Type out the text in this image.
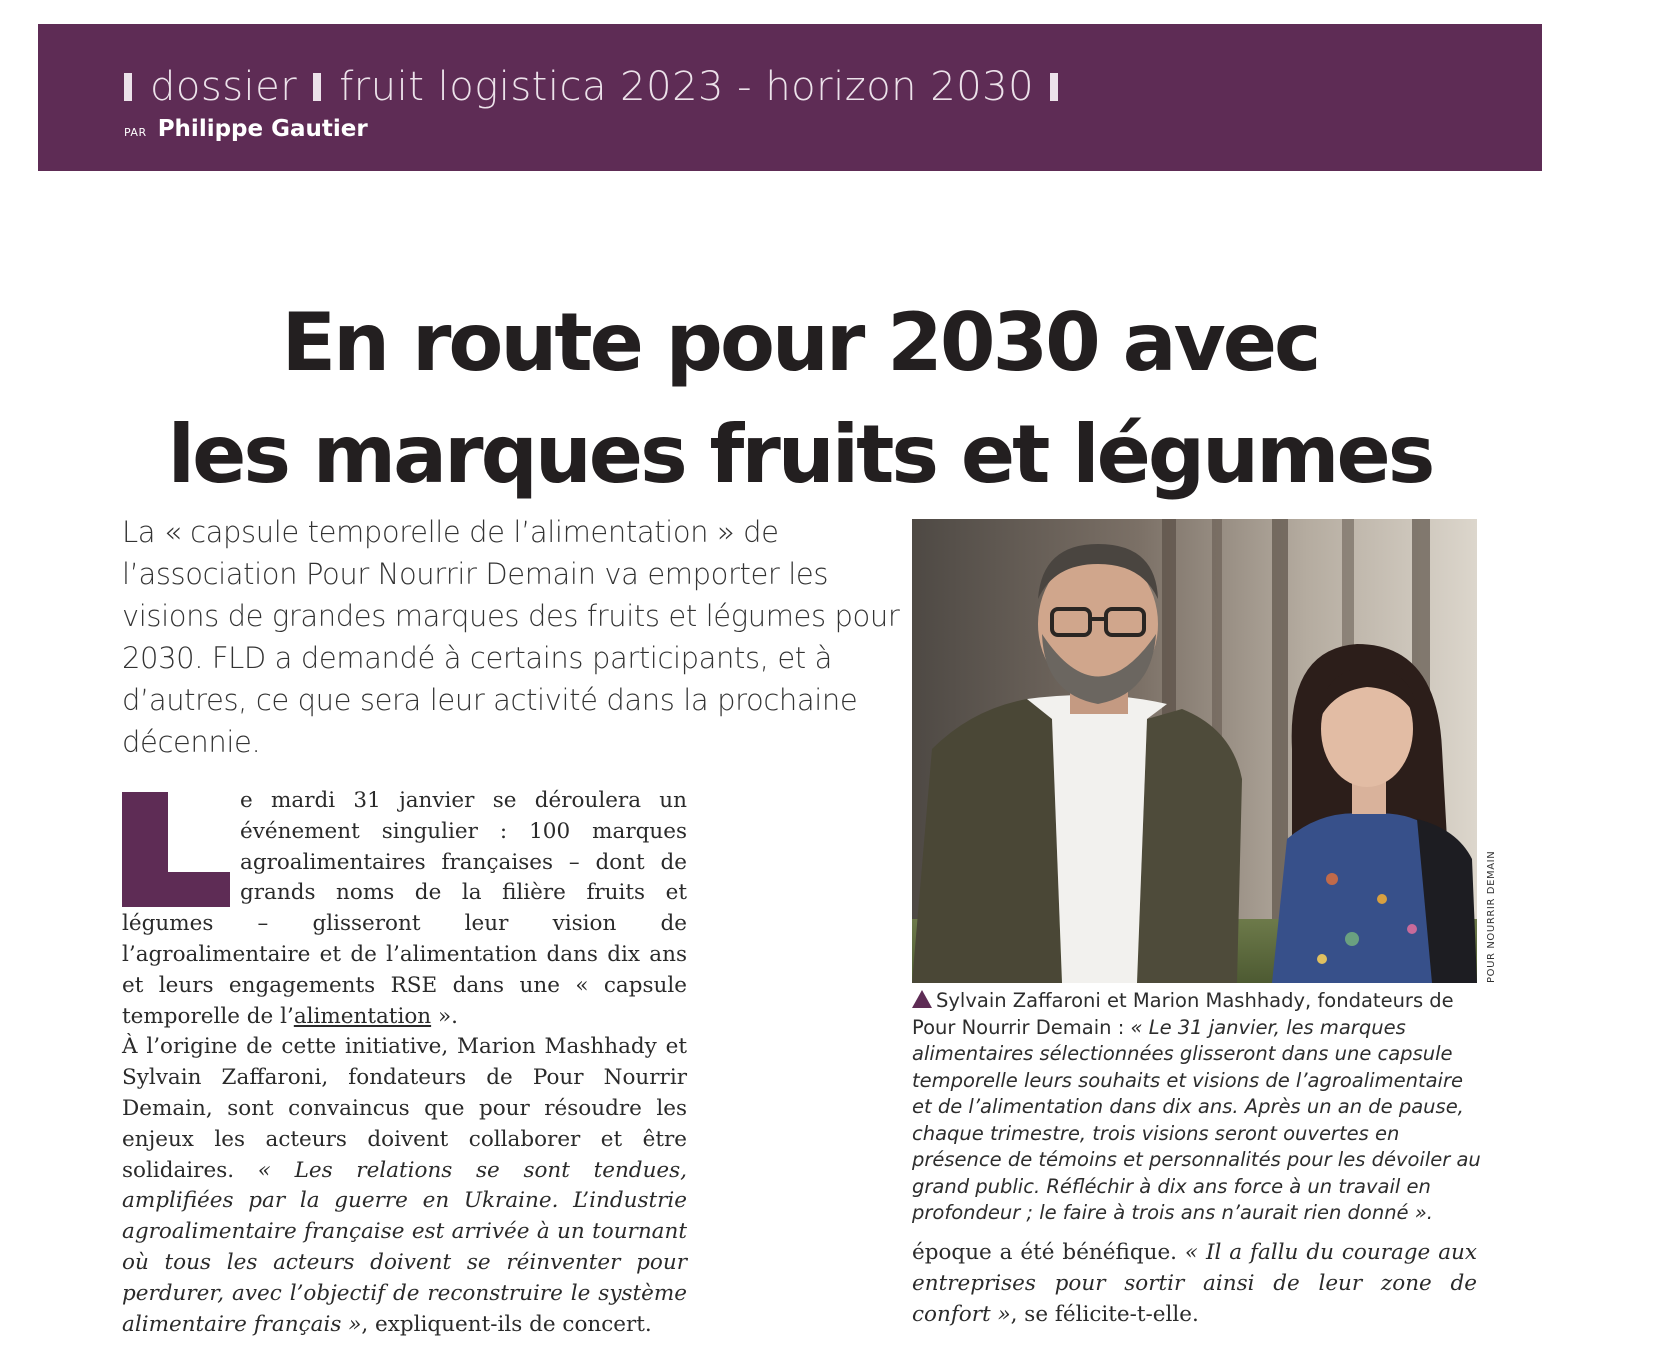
dossier fruit logistica 2023 - horizon 2030
PAR Philippe Gautier
En route pour 2030 avec
les marques fruits et légumes

La « capsule temporelle de l’alimentation » de l’association Pour Nourrir Demain va emporter les visions de grandes marques des fruits et légumes pour 2030. FLD a demandé à certains participants, et à d’autres, ce que sera leur activité dans la prochaine décennie.

e mardi 31 janvier se déroulera un événement singulier : 100 marques agroalimentaires françaises – dont de grands noms de la filière fruits et légumes – glisseront leur vision de l’agroalimentaire et de l’alimentation dans dix ans et leurs engagements RSE dans une « capsule temporelle de l’alimentation ».

À l’origine de cette initiative, Marion Mashhady et Sylvain Zaffaroni, fondateurs de Pour Nourrir Demain, sont convaincus que pour résoudre les enjeux les acteurs doivent collaborer et être solidaires. « Les relations se sont tendues, amplifiées par la guerre en Ukraine. L’industrie agroalimentaire française est arrivée à un tournant où tous les acteurs doivent se réinventer pour perdurer, avec l’objectif de reconstruire le système alimentaire français », expliquent-ils de concert.

POUR NOURRIR DEMAIN
Sylvain Zaffaroni et Marion Mashhady, fondateurs de Pour Nourrir Demain : « Le 31 janvier, les marques alimentaires sélectionnées glisseront dans une capsule temporelle leurs souhaits et visions de l’agroalimentaire et de l’alimentation dans dix ans. Après un an de pause, chaque trimestre, trois visions seront ouvertes en présence de témoins et personnalités pour les dévoiler au grand public. Réfléchir à dix ans force à un travail en profondeur ; le faire à trois ans n’aurait rien donné ».

époque a été bénéfique. « Il a fallu du courage aux entreprises pour sortir ainsi de leur zone de confort », se félicite-t-elle.
